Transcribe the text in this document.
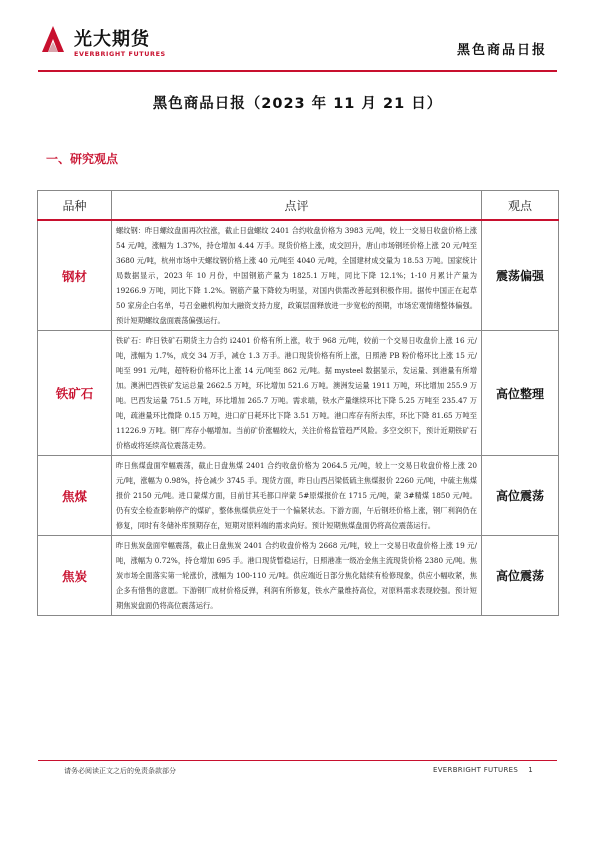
光大期货
EVERBRIGHT FUTURES	黑色商品日报
黑色商品日报（2023 年 11 月 21 日）
一、研究观点
品种	点评	观点
钢材	螺纹钢：昨日螺纹盘面再次拉涨，截止日盘螺纹 2401 合约收盘价格为 3983 元/吨，较上一交易日收盘价格上涨 54 元/吨，涨幅为 1.37%，持仓增加 4.44 万手。现货价格上涨，成交回升，唐山市场钢坯价格上涨 20 元/吨至 3680 元/吨，杭州市场中天螺纹钢价格上涨 40 元/吨至 4040 元/吨，全国建材成交量为 18.53 万吨。国家统计局数据显示，2023 年 10 月份，中国钢筋产量为 1825.1 万吨，同比下降 12.1%；1-10 月累计产量为 19266.9 万吨，同比下降 1.2%。钢筋产量下降较为明显，对国内供需改善起到积极作用。据传中国正在起草 50 家房企白名单，号召金融机构加大融资支持力度，政策层面释放进一步宽松的预期，市场宏观情绪整体偏强。预计短期螺纹盘面震荡偏强运行。	震荡偏强
铁矿石	铁矿石：昨日铁矿石期货主力合约 i2401 价格有所上涨，收于 968 元/吨，较前一个交易日收盘价上涨 16 元/吨，涨幅为 1.7%，成交 34 万手，减仓 1.3 万手。港口现货价格有所上涨，日照港 PB 粉价格环比上涨 15 元/吨至 991 元/吨，超特粉价格环比上涨 14 元/吨至 862 元/吨。据 mysteel 数据显示，发运量、到港量有所增加。澳洲巴西铁矿发运总量 2662.5 万吨，环比增加 521.6 万吨。澳洲发运量 1911 万吨，环比增加 255.9 万吨。巴西发运量 751.5 万吨，环比增加 265.7 万吨。需求端，铁水产量继续环比下降 5.25 万吨至 235.47 万吨，疏港量环比微降 0.15 万吨，进口矿日耗环比下降 3.51 万吨。港口库存有所去库，环比下降 81.65 万吨至 11226.9 万吨。钢厂库存小幅增加。当前矿价涨幅较大，关注价格监管趋严风险。多空交织下，预计近期铁矿石价格或将延续高位震荡走势。	高位整理
焦煤	昨日焦煤盘面窄幅震荡，截止日盘焦煤 2401 合约收盘价格为 2064.5 元/吨，较上一交易日收盘价格上涨 20 元/吨，涨幅为 0.98%，持仓减少 3745 手。现货方面，昨日山西吕梁低硫主焦煤报价 2260 元/吨，中硫主焦煤报价 2150 元/吨。进口蒙煤方面，目前甘其毛都口岸蒙 5#原煤报价在 1715 元/吨，蒙 3#精煤 1850 元/吨。仍有安全检查影响停产的煤矿，整体焦煤供应处于一个偏紧状态。下游方面，午后钢坯价格上涨，钢厂利润仍在修复，同时有冬储补库预期存在，短期对原料端的需求尚好。预计短期焦煤盘面仍将高位震荡运行。	高位震荡
焦炭	昨日焦炭盘面窄幅震荡，截止日盘焦炭 2401 合约收盘价格为 2668 元/吨，较上一交易日收盘价格上涨 19 元/吨，涨幅为 0.72%，持仓增加 695 手。港口现货暂稳运行，日照港准一级冶金焦主流现货价格 2380 元/吨。焦炭市场全面落实第一轮涨价，涨幅为 100-110 元/吨。供应端近日部分焦化陆续有检修现象，供应小幅收紧，焦企多有惜售的意愿。下游钢厂成材价格反弹，利润有所修复，铁水产量维持高位，对原料需求表现较强。预计短期焦炭盘面仍将高位震荡运行。	高位震荡
请务必阅读正文之后的免责条款部分	EVERBRIGHT FUTURES 1
